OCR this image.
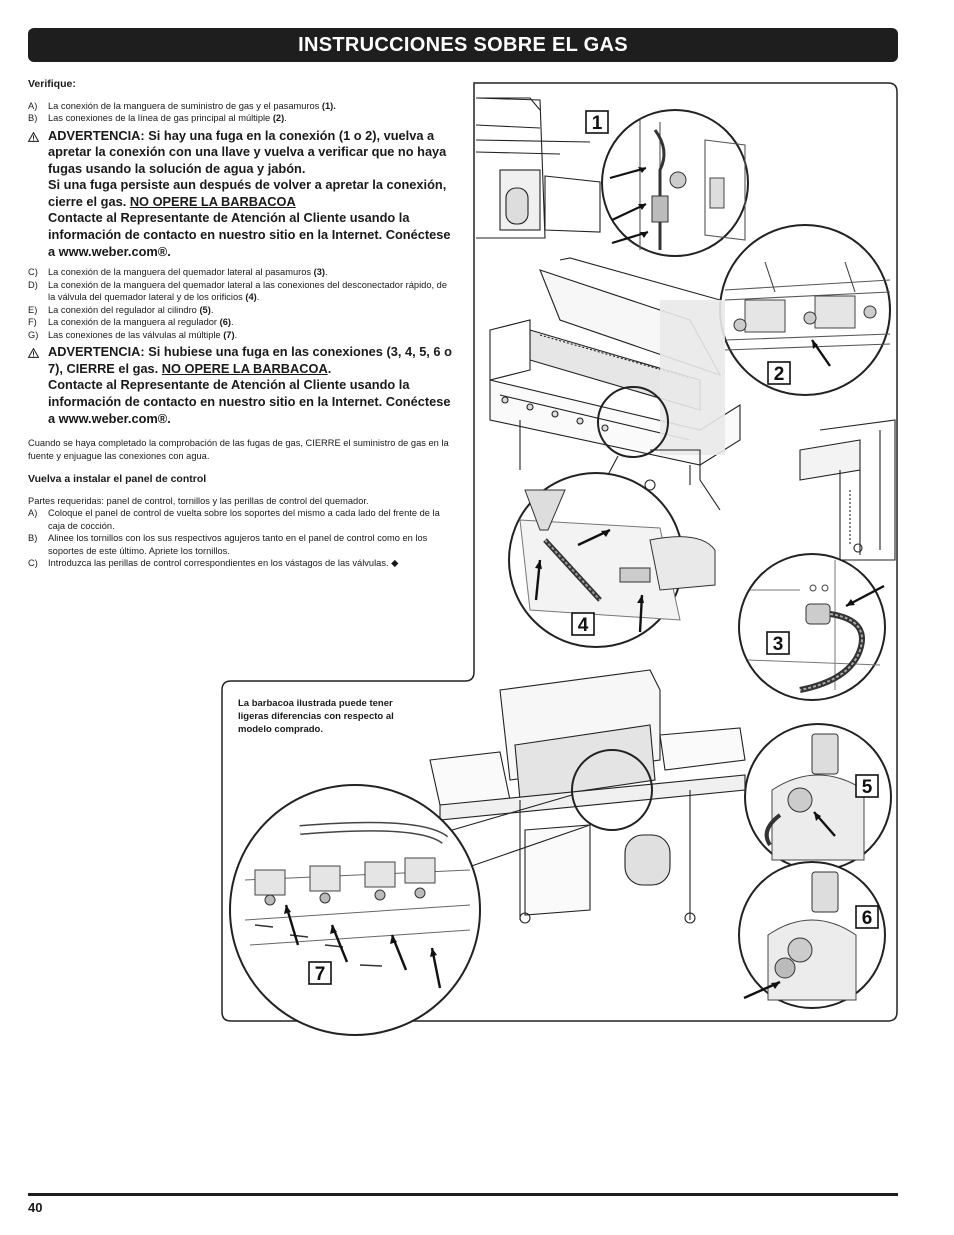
INSTRUCCIONES SOBRE EL GAS
Verifique:
A)	La conexión de la manguera de suministro de gas y el pasamuros (1).
B)	Las conexiones de la línea de gas principal al múltiple (2).
ADVERTENCIA: Si hay una fuga en la conexión (1 o 2), vuelva a apretar la conexión con una llave y vuelva a verificar que no haya fugas usando la solución de agua y jabón.
Si una fuga persiste aun después de volver a apretar la conexión, cierre el gas. NO OPERE LA BARBACOA
Contacte al Representante de Atención al Cliente usando la información de contacto en nuestro sitio en la Internet. Conéctese a www.weber.com®.
C)	La conexión de la manguera del quemador lateral al pasamuros (3).
D)	La conexión de la manguera del quemador lateral a las conexiones del desconectador rápido, de la válvula del quemador lateral y de los orificios (4).
E)	La conexión del regulador al cilindro (5).
F)	La conexión de la manguera al regulador (6).
G)	Las conexiones de las válvulas al múltiple (7).
ADVERTENCIA: Si hubiese una fuga en las conexiones (3, 4, 5, 6 o 7), CIERRE el gas. NO OPERE LA BARBACOA.
Contacte al Representante de Atención al Cliente usando la información de contacto en nuestro sitio en la Internet. Conéctese a www.weber.com®.
Cuando se haya completado la comprobación de las fugas de gas, CIERRE el suministro de gas en la fuente y enjuague las conexiones con agua.
Vuelva a instalar el panel de control
Partes requeridas: panel de control, tornillos y las perillas de control del quemador.
A)	Coloque el panel de control de vuelta sobre los soportes del mismo a cada lado del frente de la caja de cocción.
B)	Alinee los tornillos con los sus respectivos agujeros tanto en el panel de control como en los soportes de este último. Apriete los tornillos.
C)	Introduzca las perillas de control correspondientes en los vástagos de las válvulas. ◆
1
2
3
4
5
6
7
La barbacoa ilustrada puede tener ligeras diferencias con respecto al modelo comprado.
40
